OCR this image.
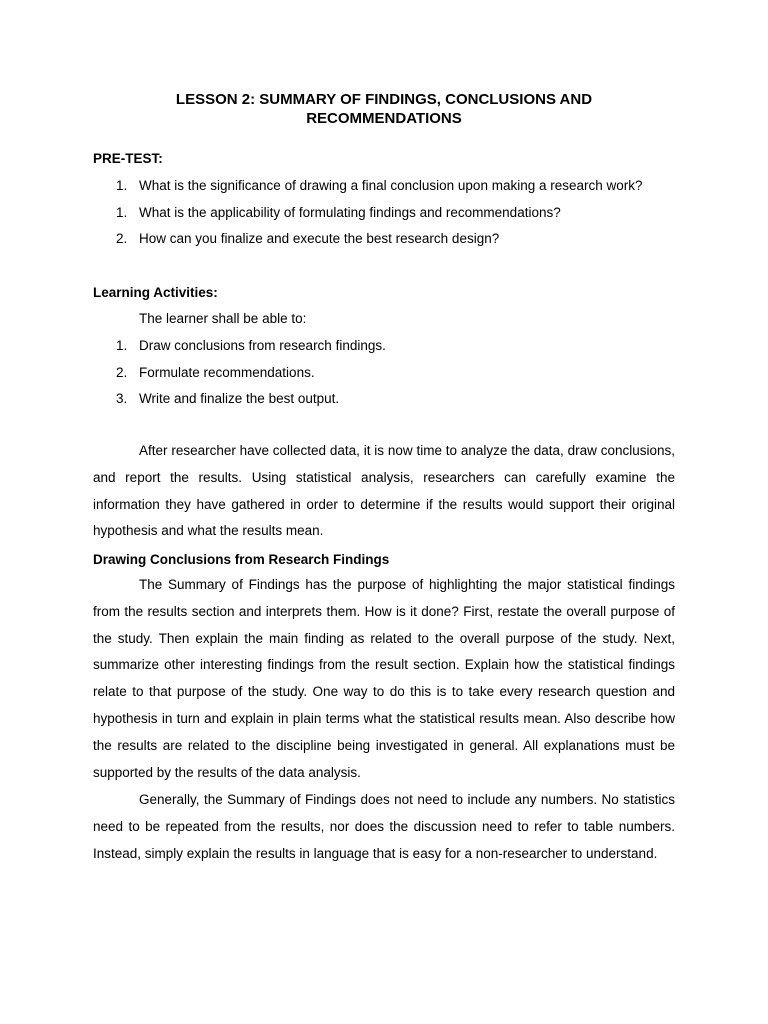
LESSON 2: SUMMARY OF FINDINGS, CONCLUSIONS AND
RECOMMENDATIONS
PRE-TEST:
1. What is the significance of drawing a final conclusion upon making a research work?
1. What is the applicability of formulating findings and recommendations?
2. How can you finalize and execute the best research design?
Learning Activities:
The learner shall be able to:
1. Draw conclusions from research findings.
2. Formulate recommendations.
3. Write and finalize the best output.

After researcher have collected data, it is now time to analyze the data, draw conclusions, and report the results. Using statistical analysis, researchers can carefully examine the information they have gathered in order to determine if the results would support their original hypothesis and what the results mean.

Drawing Conclusions from Research Findings

The Summary of Findings has the purpose of highlighting the major statistical findings from the results section and interprets them. How is it done? First, restate the overall purpose of the study. Then explain the main finding as related to the overall purpose of the study. Next, summarize other interesting findings from the result section. Explain how the statistical findings relate to that purpose of the study. One way to do this is to take every research question and hypothesis in turn and explain in plain terms what the statistical results mean. Also describe how the results are related to the discipline being investigated in general. All explanations must be supported by the results of the data analysis.

Generally, the Summary of Findings does not need to include any numbers. No statistics need to be repeated from the results, nor does the discussion need to refer to table numbers. Instead, simply explain the results in language that is easy for a non-researcher to understand.
